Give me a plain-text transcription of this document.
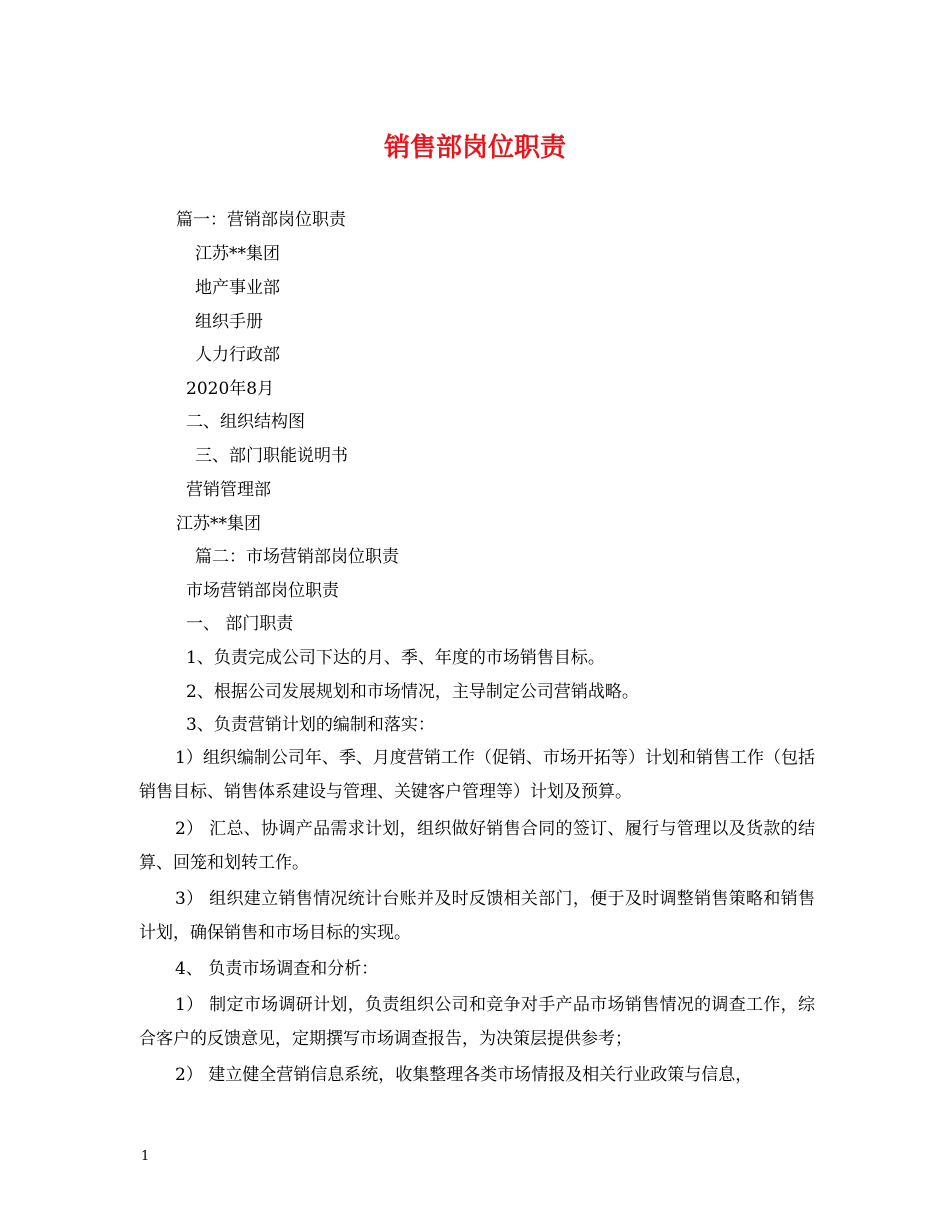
销售部岗位职责
篇一：营销部岗位职责
江苏**集团
地产事业部
组织手册
人力行政部
2020年8月
二、组织结构图
三、部门职能说明书
营销管理部
江苏**集团
篇二：市场营销部岗位职责
市场营销部岗位职责
一、 部门职责
1、负责完成公司下达的月、季、年度的市场销售目标。
2、根据公司发展规划和市场情况，主导制定公司营销战略。
3、负责营销计划的编制和落实：

1）组织编制公司年、季、月度营销工作（促销、市场开拓等）计划和销售工作（包括销售目标、销售体系建设与管理、关键客户管理等）计划及预算。

2） 汇总、协调产品需求计划，组织做好销售合同的签订、履行与管理以及货款的结算、回笼和划转工作。

3） 组织建立销售情况统计台账并及时反馈相关部门，便于及时调整销售策略和销售计划，确保销售和市场目标的实现。

4、 负责市场调查和分析：

1） 制定市场调研计划，负责组织公司和竞争对手产品市场销售情况的调查工作，综合客户的反馈意见，定期撰写市场调查报告，为决策层提供参考；

2） 建立健全营销信息系统，收集整理各类市场情报及相关行业政策与信息，

1
